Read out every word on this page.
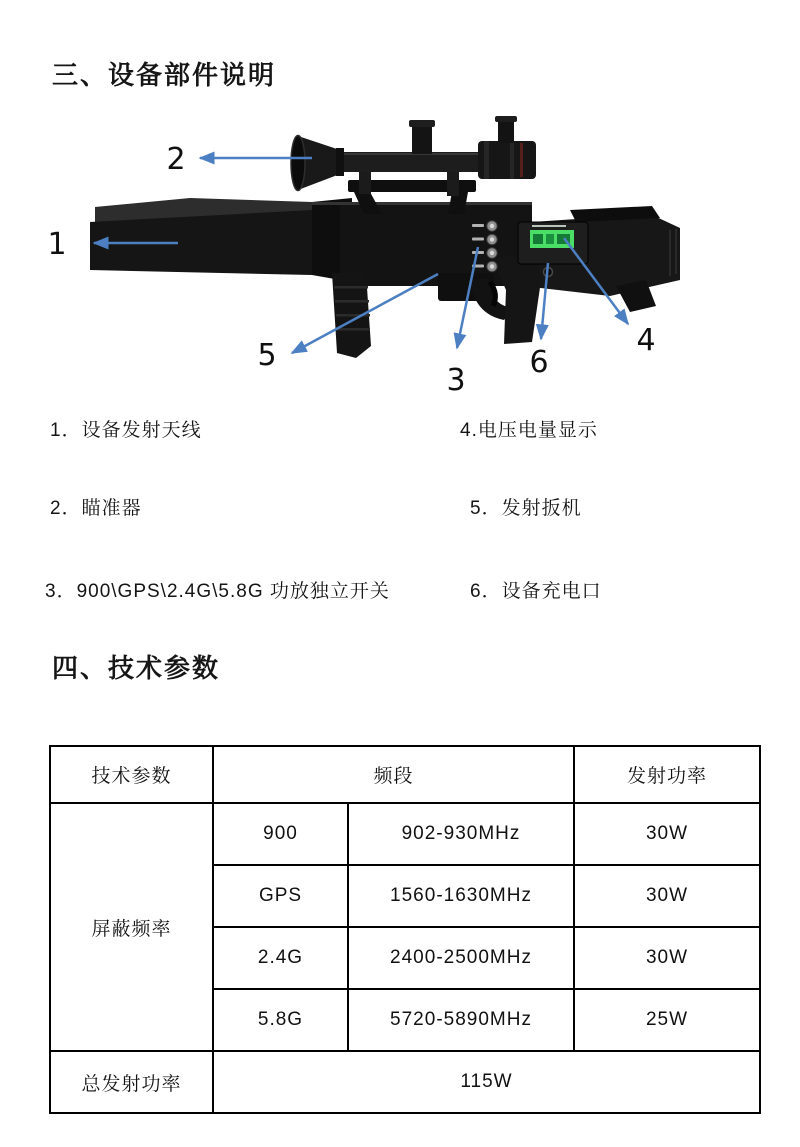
三、设备部件说明
1
2
3
4
5	6
1．设备发射天线	4.电压电量显示
2．瞄准器	5．发射扳机
3．900\GPS\2.4G\5.8G 功放独立开关	6．设备充电口
四、技术参数
技术参数	频段		发射功率
屏蔽频率	900	902-930MHz	30W
	GPS	1560-1630MHz	30W
	2.4G	2400-2500MHz	30W
	5.8G	5720-5890MHz	25W
总发射功率	115W		
